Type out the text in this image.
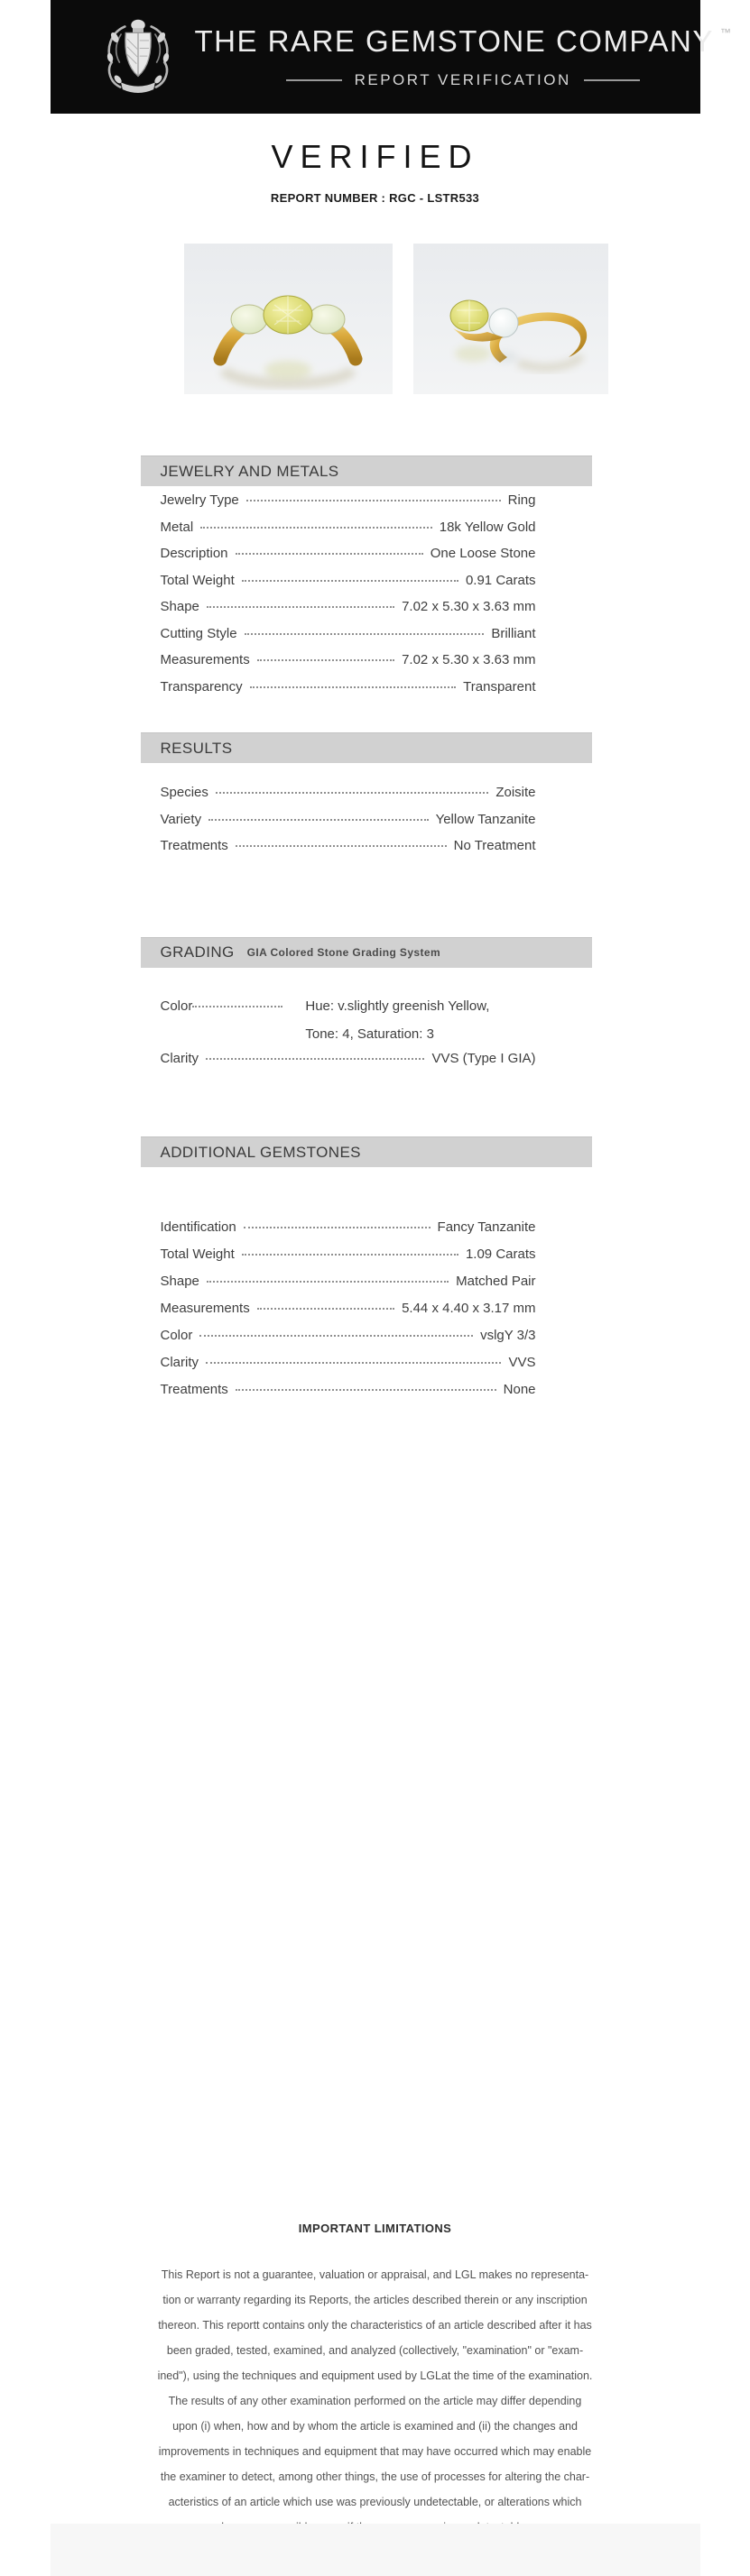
THE RARE GEMSTONE COMPANY ™
REPORT VERIFICATION
VERIFIED
REPORT NUMBER : RGC - LSTR533
JEWELRY AND METALS
Jewelry Type	Ring
Metal	18k Yellow Gold
Description	One Loose Stone
Total Weight	0.91 Carats
Shape	7.02 x 5.30 x 3.63 mm
Cutting Style	Brilliant
Measurements	7.02 x 5.30 x 3.63 mm
Transparency	Transparent
RESULTS
Species	Zoisite
Variety	Yellow Tanzanite
Treatments	No Treatment
GRADING GIA Colored Stone Grading System
Color	Hue: v.slightly greenish Yellow,
Tone: 4, Saturation: 3
Clarity	VVS (Type I GIA)
ADDITIONAL GEMSTONES
Identification	Fancy Tanzanite
Total Weight	1.09 Carats
Shape	Matched Pair
Measurements	5.44 x 4.40 x 3.17 mm
Color	vslgY 3/3
Clarity	VVS
Treatments	None
IMPORTANT LIMITATIONS
This Report is not a guarantee, valuation or appraisal, and LGL makes no representa-
tion or warranty regarding its Reports, the articles described therein or any inscription
thereon. This reportt contains only the characteristics of an article described after it has
been graded, tested, examined, and analyzed (collectively, "examination" or "exam-
ined"), using the techniques and equipment used by LGLat the time of the examination.
The results of any other examination performed on the article may differ depending
upon (i) when, how and by whom the article is examined and (ii) the changes and
improvements in techniques and equipment that may have occurred which may enable
the examiner to detect, among other things, the use of processes for altering the char-
acteristics of an article which use was previously undetectable, or alterations which
